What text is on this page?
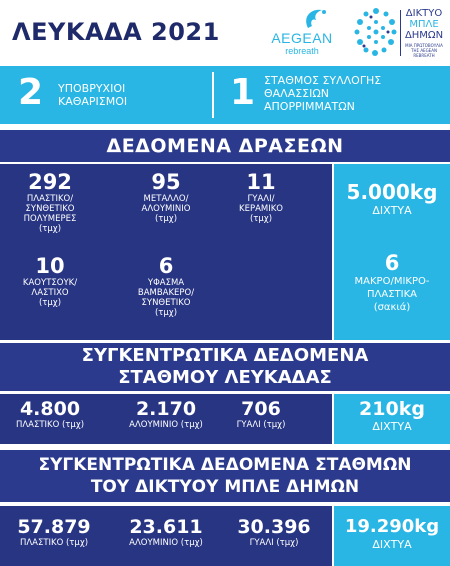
ΛΕΥΚΑΔΑ 2021	AEGEAN
rebreath
ΔΙΚΤΥΟ
ΜΠΛΕ
ΔΗΜΩΝ
ΜΙΑ ΠΡΩΤΟΒΟΥΛΙΑ ΤΗΣ AEGEAN REBREATH
2 ΥΠΟΒΡΥΧΙΟΙ
ΚΑΘΑΡΙΣΜΟΙ	1 ΣΤΑΘΜΟΣ ΣΥΛΛΟΓΗΣ
ΘΑΛΑΣΣΙΩΝ
ΑΠΟΡΡΙΜΜΑΤΩΝ
ΔΕΔΟΜΕΝΑ ΔΡΑΣΕΩΝ
292
ΠΛΑΣΤΙΚΟ/
ΣΥΝΘΕΤΙΚΟ
ΠΟΛΥΜΕΡΕΣ
(τμχ)
95
ΜΕΤΑΛΛΟ/
ΑΛΟΥΜΙΝΙΟ
(τμχ)
11
ΓΥΑΛΙ/
ΚΕΡΑΜΙΚΟ
(τμχ)
10
ΚΑΟΥΤΣΟΥΚ/
ΛΑΣΤΙΧΟ
(τμχ)
6
ΥΦΑΣΜΑ
ΒΑΜΒΑΚΕΡΟ/
ΣΥΝΘΕΤΙΚΟ
(τμχ)
5.000kg
ΔΙΧΤΥΑ
6
ΜΑΚΡΟ/ΜΙΚΡΟ-
ΠΛΑΣΤΙΚΑ
(σακιά)
ΣΥΓΚΕΝΤΡΩΤΙΚΑ ΔΕΔΟΜΕΝΑ
ΣΤΑΘΜΟΥ ΛΕΥΚΑΔΑΣ
4.800
ΠΛΑΣΤΙΚΟ (τμχ)
2.170
ΑΛΟΥΜΙΝΙΟ (τμχ)
706
ΓΥΑΛΙ (τμχ)
210kg
ΔΙΧΤΥΑ
ΣΥΓΚΕΝΤΡΩΤΙΚΑ ΔΕΔΟΜΕΝΑ ΣΤΑΘΜΩΝ
ΤΟΥ ΔΙΚΤΥΟΥ ΜΠΛΕ ΔΗΜΩΝ
57.879
ΠΛΑΣΤΙΚΟ (τμχ)
23.611
ΑΛΟΥΜΙΝΙΟ (τμχ)
30.396
ΓΥΑΛΙ (τμχ)
19.290kg
ΔΙΧΤΥΑ
